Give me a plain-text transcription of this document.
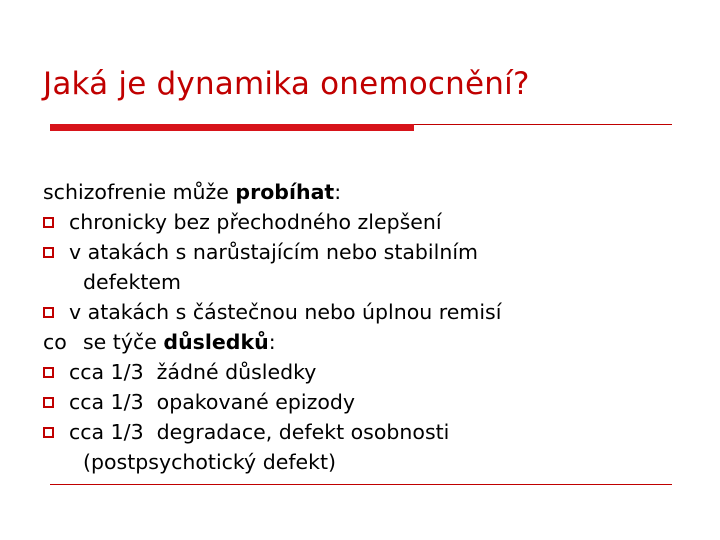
Jaká je dynamika onemocnění?
schizofrenie může probíhat:
chronicky bez přechodného zlepšení
v atakách s narůstajícím nebo stabilním
defektem
v atakách s částečnou nebo úplnou remisí
co se týče důsledků:
cca 1/3  žádné důsledky
cca 1/3  opakované epizody
cca 1/3  degradace, defekt osobnosti
(postpsychotický defekt)
